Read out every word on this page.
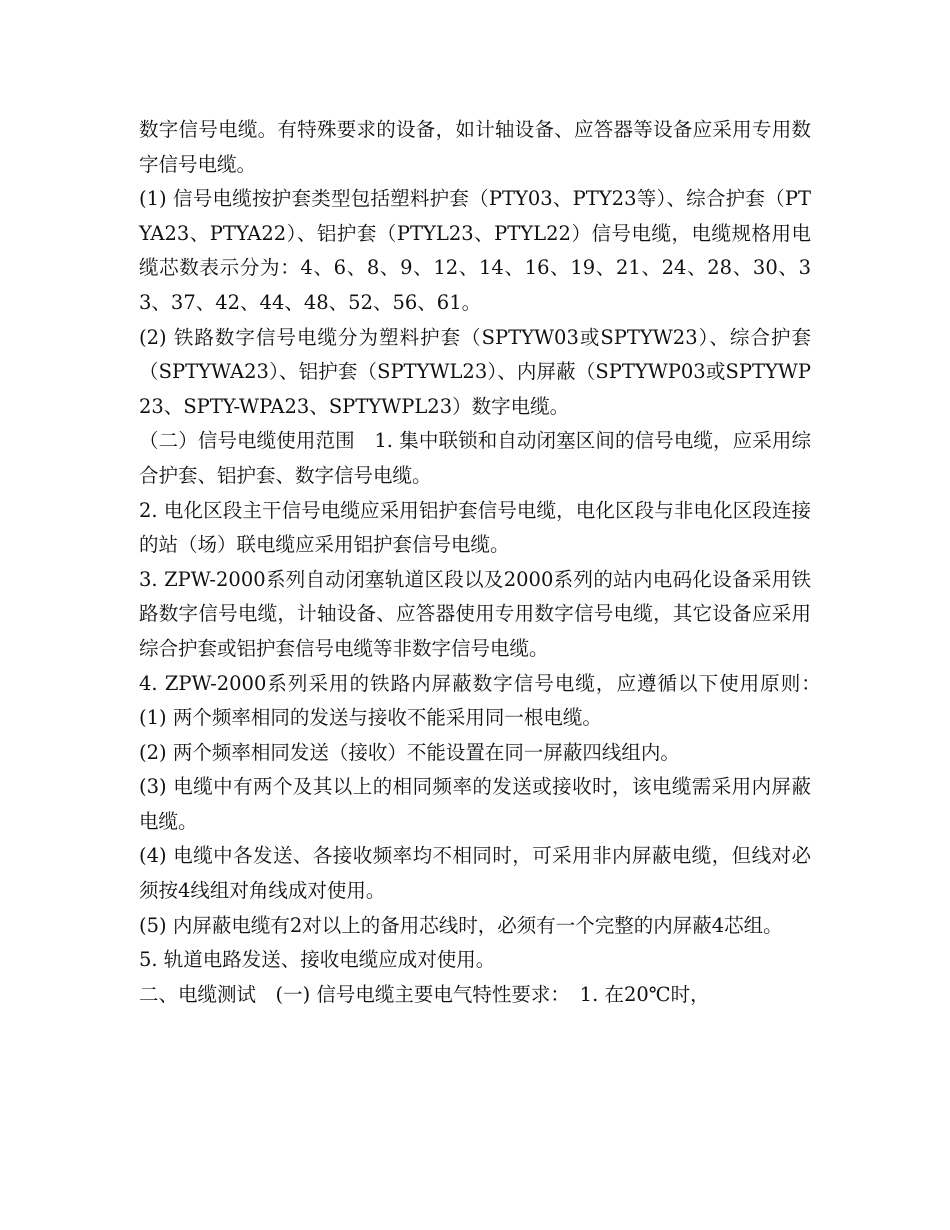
数字信号电缆。有特殊要求的设备，如计轴设备、应答器等设备应采用专用数字信号电缆。

(1) 信号电缆按护套类型包括塑料护套（PTY03、PTY23等）、综合护套（PTYA23、PTYA22）、铝护套（PTYL23、PTYL22）信号电缆，电缆规格用电缆芯数表示分为：4、6、8、9、12、14、16、19、21、24、28、30、33、37、42、44、48、52、56、61。

(2) 铁路数字信号电缆分为塑料护套（SPTYW03或SPTYW23）、综合护套（SPTYWA23）、铝护套（SPTYWL23）、内屏蔽（SPTYWP03或SPTYWP23、SPTY-WPA23、SPTYWPL23）数字电缆。

（二）信号电缆使用范围　1. 集中联锁和自动闭塞区间的信号电缆，应采用综合护套、铝护套、数字信号电缆。

2. 电化区段主干信号电缆应采用铝护套信号电缆，电化区段与非电化区段连接的站（场）联电缆应采用铝护套信号电缆。

3. ZPW-2000系列自动闭塞轨道区段以及2000系列的站内电码化设备采用铁路数字信号电缆，计轴设备、应答器使用专用数字信号电缆，其它设备应采用综合护套或铝护套信号电缆等非数字信号电缆。

4. ZPW-2000系列采用的铁路内屏蔽数字信号电缆，应遵循以下使用原则：　(1) 两个频率相同的发送与接收不能采用同一根电缆。

(2) 两个频率相同发送（接收）不能设置在同一屏蔽四线组内。

(3) 电缆中有两个及其以上的相同频率的发送或接收时，该电缆需采用内屏蔽电缆。

(4) 电缆中各发送、各接收频率均不相同时，可采用非内屏蔽电缆，但线对必须按4线组对角线成对使用。

(5) 内屏蔽电缆有2对以上的备用芯线时，必须有一个完整的内屏蔽4芯组。

5. 轨道电路发送、接收电缆应成对使用。

二、电缆测试　(一) 信号电缆主要电气特性要求：　1. 在20℃时，
